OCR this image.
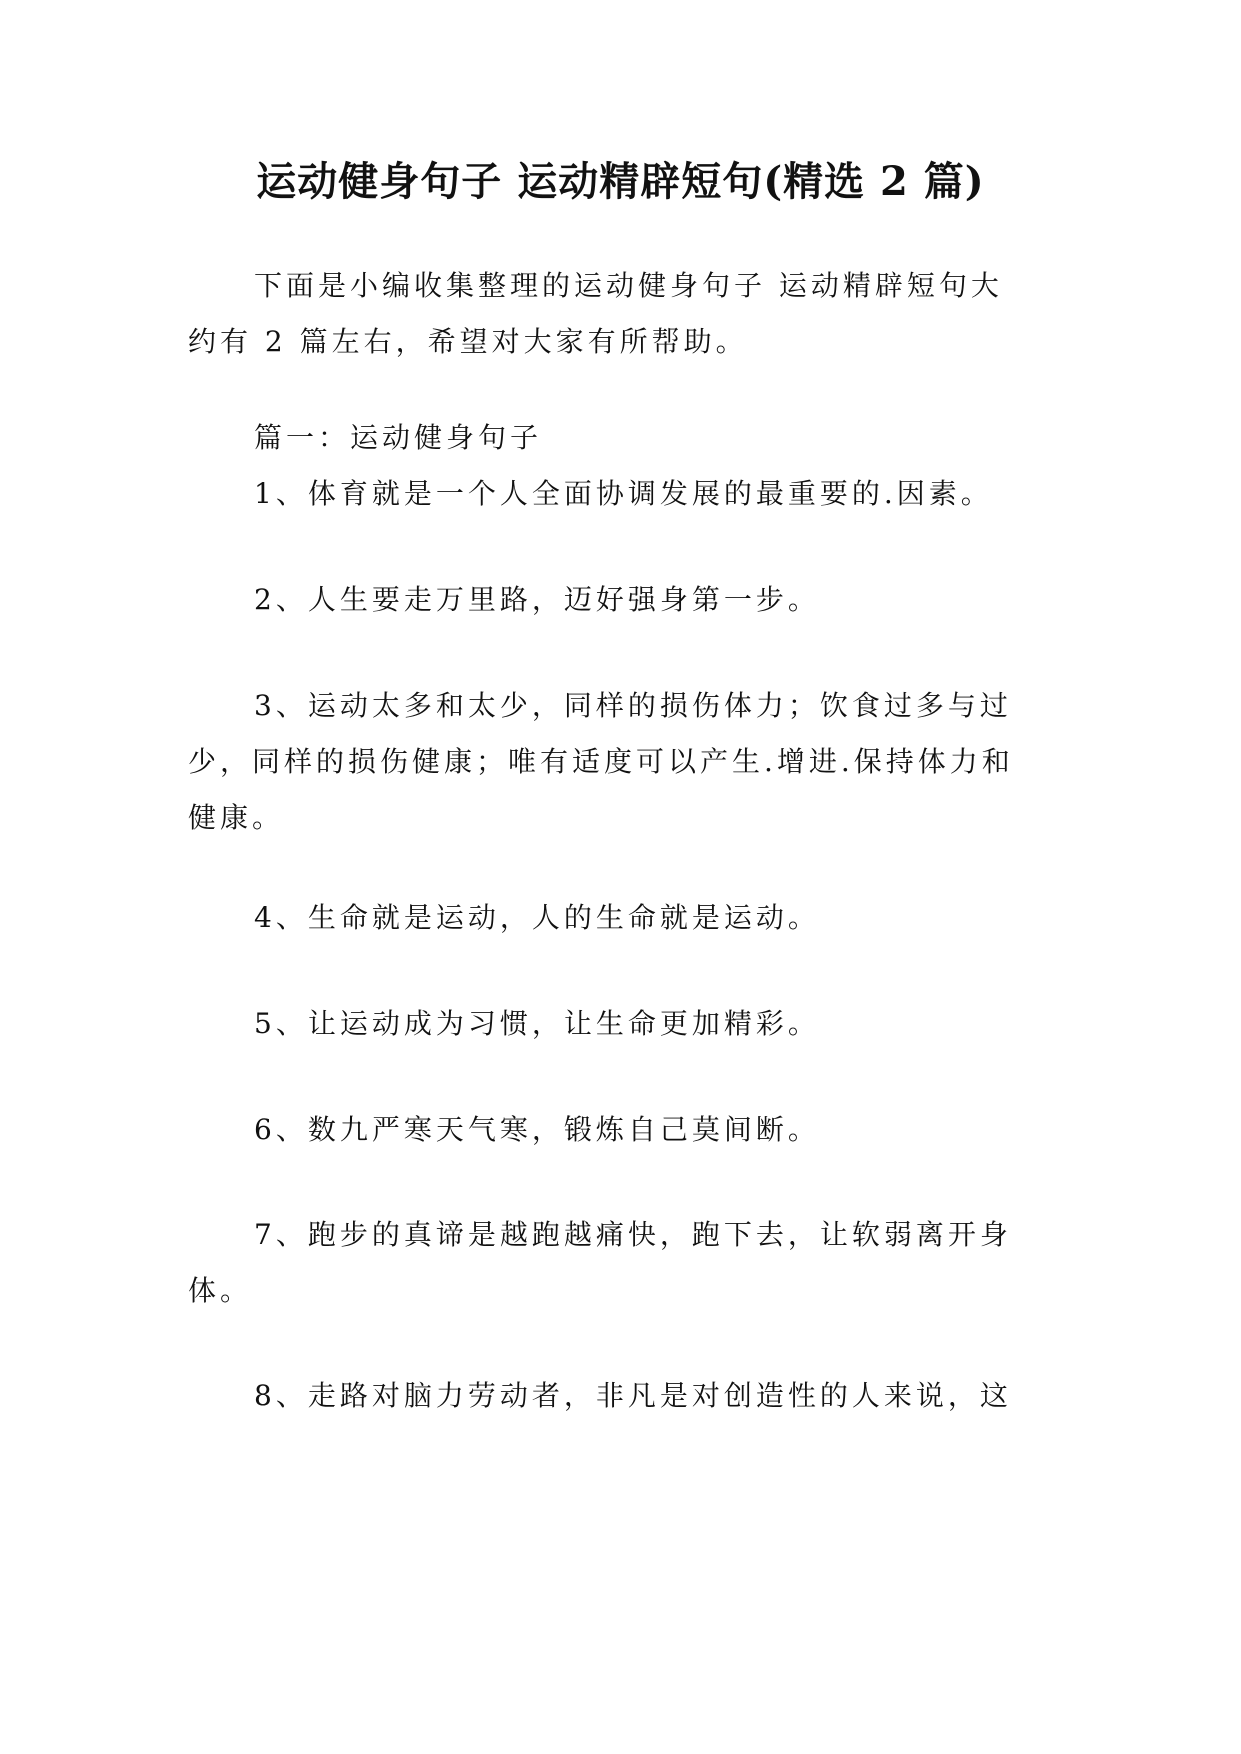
运动健身句子 运动精辟短句(精选 2 篇)
下面是小编收集整理的运动健身句子 运动精辟短句大
约有 2 篇左右，希望对大家有所帮助。
篇一：运动健身句子
1、体育就是一个人全面协调发展的最重要的.因素。
2、人生要走万里路，迈好强身第一步。
3、运动太多和太少，同样的损伤体力；饮食过多与过
少，同样的损伤健康；唯有适度可以产生.增进.保持体力和
健康。
4、生命就是运动，人的生命就是运动。
5、让运动成为习惯，让生命更加精彩。
6、数九严寒天气寒，锻炼自己莫间断。
7、跑步的真谛是越跑越痛快，跑下去，让软弱离开身
体。
8、走路对脑力劳动者，非凡是对创造性的人来说，这
